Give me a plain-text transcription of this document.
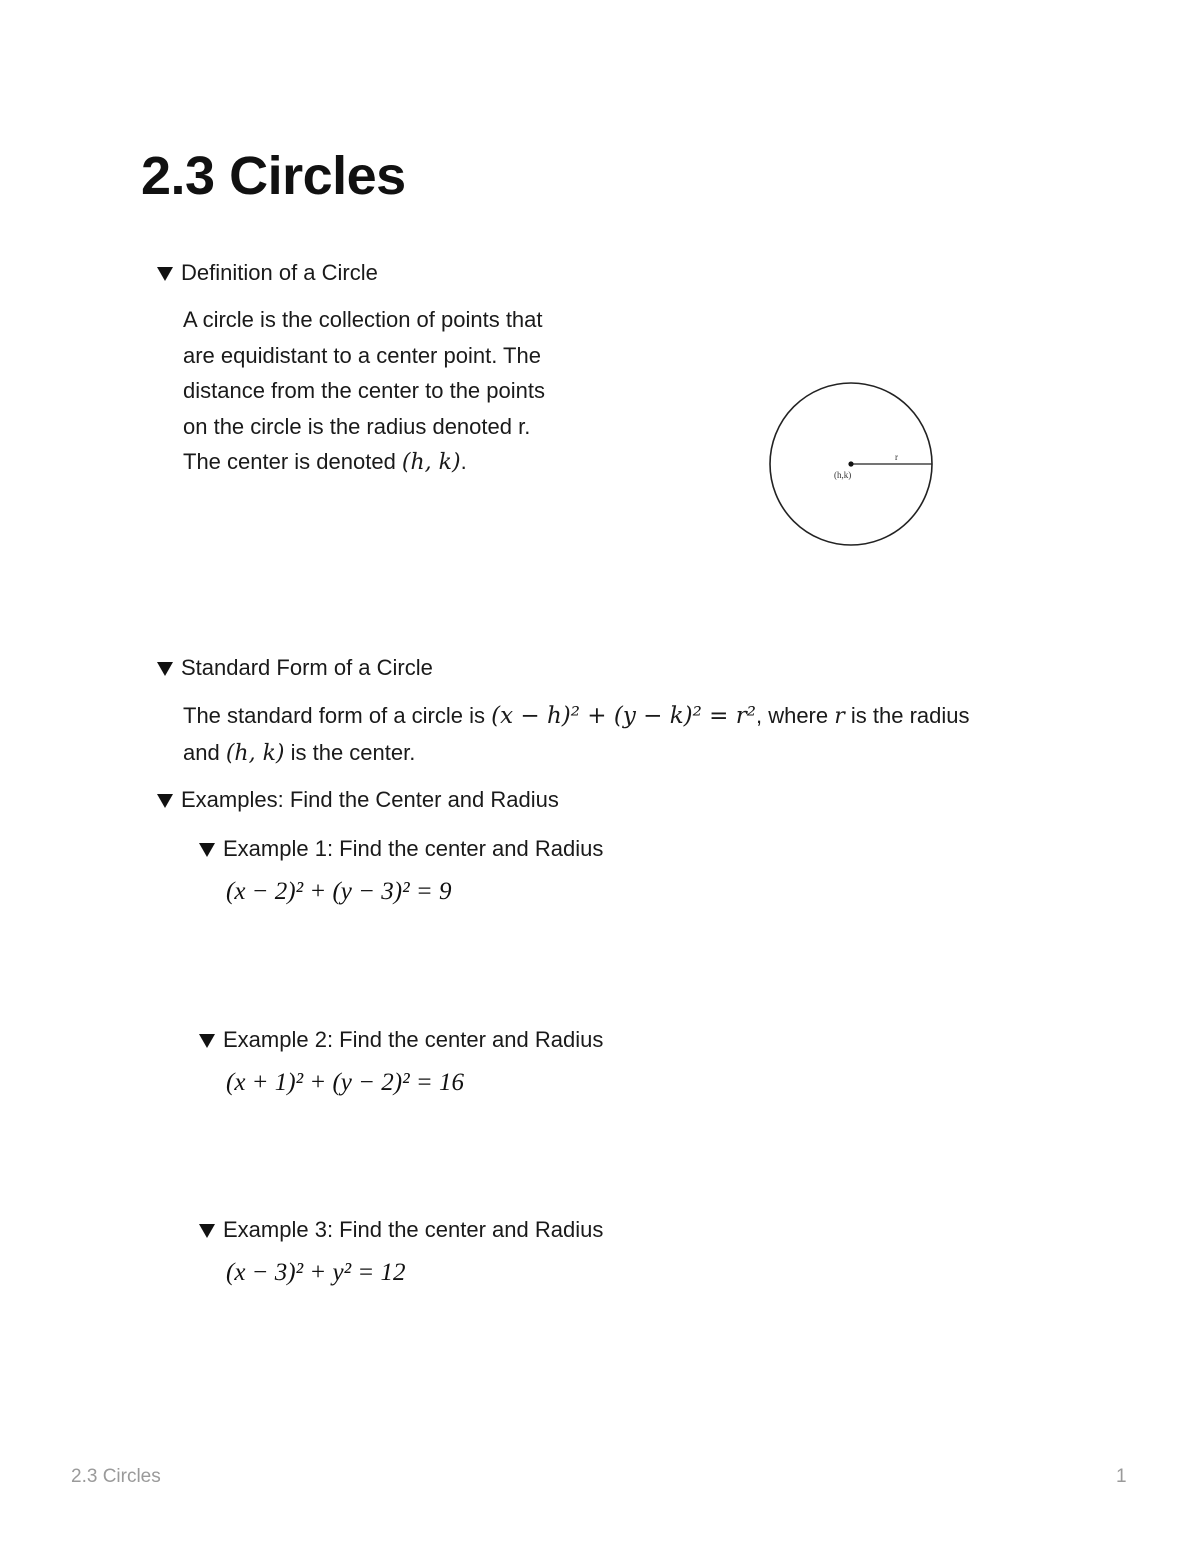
2.3 Circles
Definition of a Circle
A circle is the collection of points that
are equidistant to a center point. The
distance from the center to the points
on the circle is the radius denoted r.
The center is denoted (h, k).	r
(h,k)
Standard Form of a Circle
The standard form of a circle is (x − h)² + (y − k)² = r², where r is the radius
and (h, k) is the center.
Examples: Find the Center and Radius
Example 1: Find the center and Radius
(x − 2)² + (y − 3)² = 9
Example 2: Find the center and Radius
(x + 1)² + (y − 2)² = 16
Example 3: Find the center and Radius
(x − 3)² + y² = 12
2.3 Circles	1
